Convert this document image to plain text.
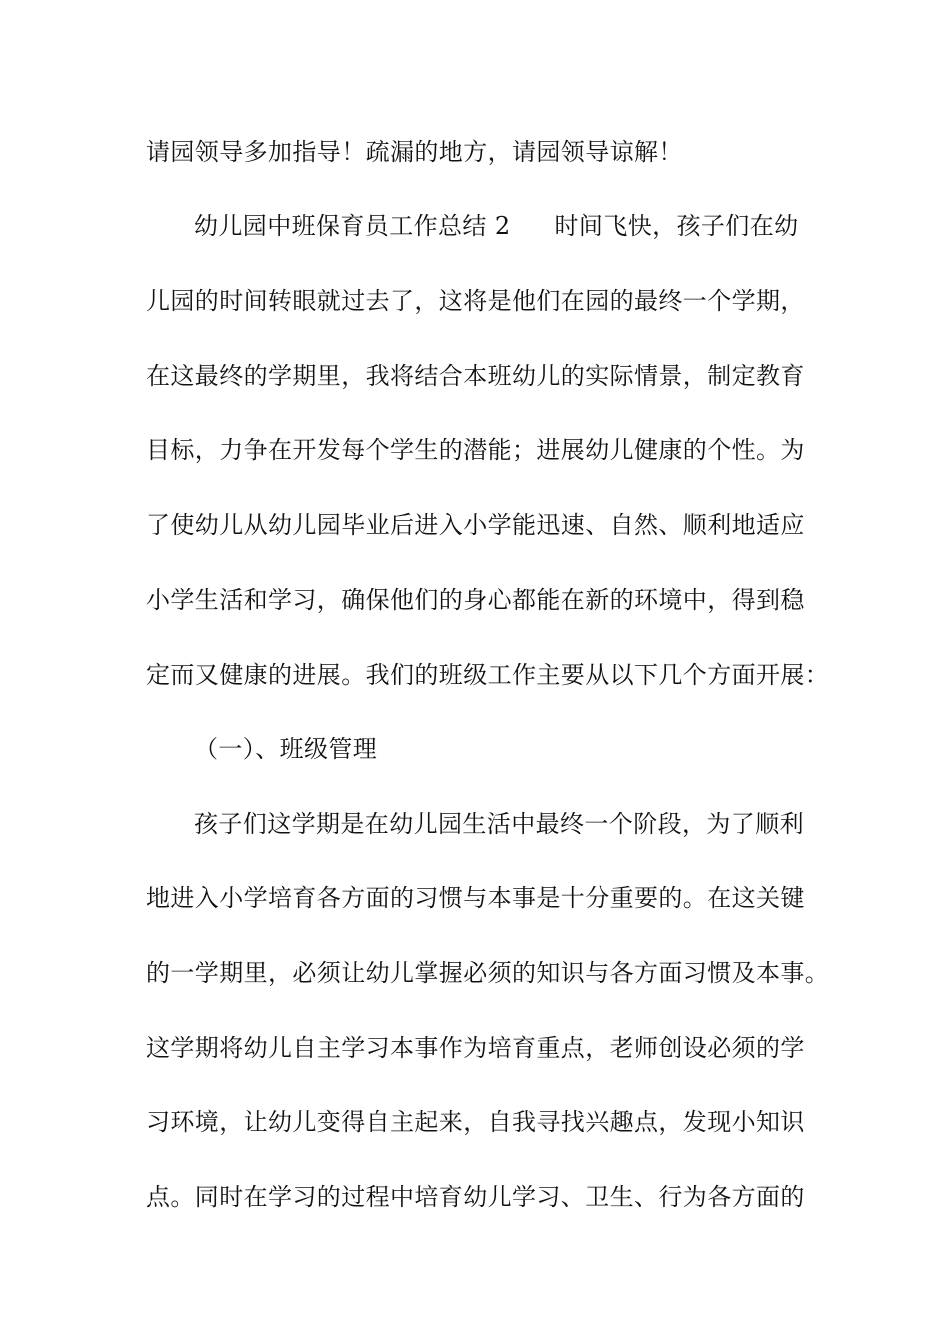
请园领导多加指导！疏漏的地方，请园领导谅解！
幼儿园中班保育员工作总结 2 时间飞快，孩子们在幼
儿园的时间转眼就过去了，这将是他们在园的最终一个学期，
在这最终的学期里，我将结合本班幼儿的实际情景，制定教育
目标，力争在开发每个学生的潜能；进展幼儿健康的个性。为
了使幼儿从幼儿园毕业后进入小学能迅速、自然、顺利地适应
小学生活和学习，确保他们的身心都能在新的环境中，得到稳
定而又健康的进展。我们的班级工作主要从以下几个方面开展：
（一）、班级管理
孩子们这学期是在幼儿园生活中最终一个阶段，为了顺利
地进入小学培育各方面的习惯与本事是十分重要的。在这关键
的一学期里，必须让幼儿掌握必须的知识与各方面习惯及本事。
这学期将幼儿自主学习本事作为培育重点，老师创设必须的学
习环境，让幼儿变得自主起来，自我寻找兴趣点，发现小知识
点。同时在学习的过程中培育幼儿学习、卫生、行为各方面的
